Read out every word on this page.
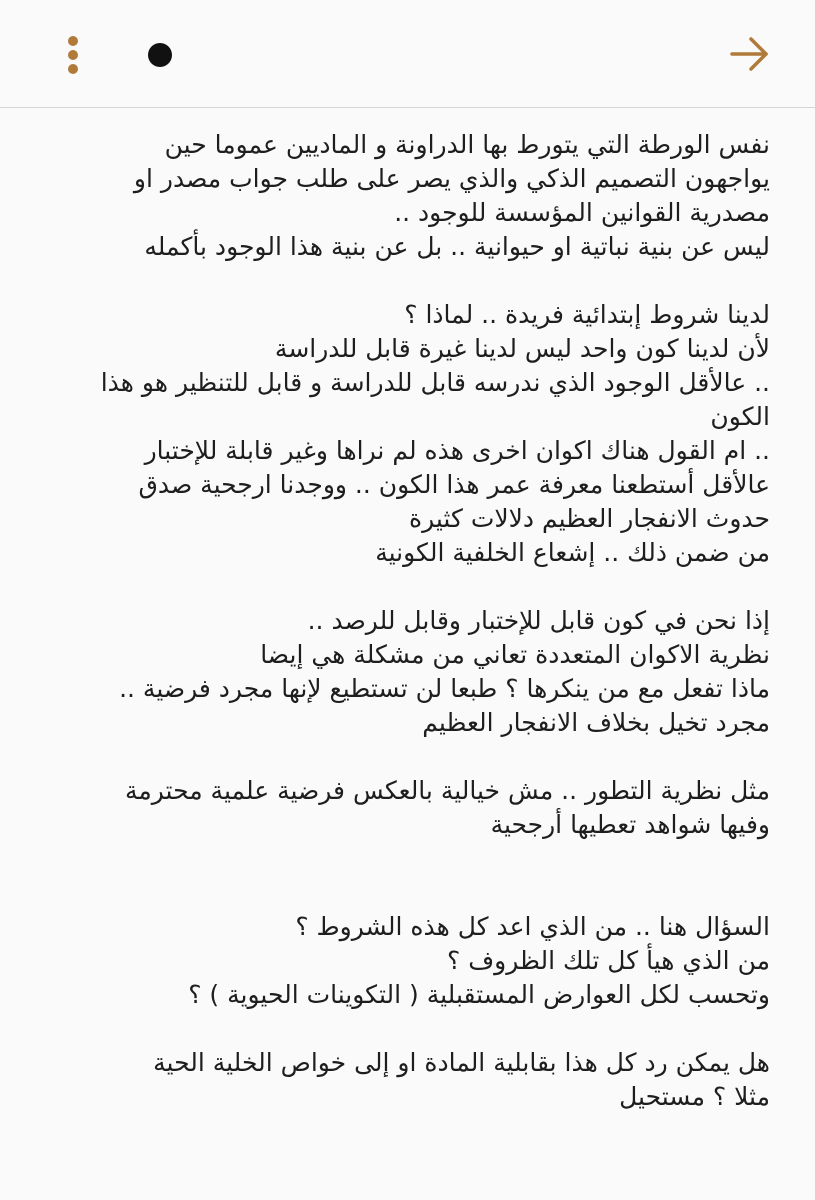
نفس الورطة التي يتورط بها الدراونة و الماديين عموما حين
يواجهون التصميم الذكي والذي يصر على طلب جواب مصدر او
مصدرية القوانين المؤسسة للوجود ..
ليس عن بنية نباتية او حيوانية .. بل عن بنية هذا الوجود بأكمله
لدينا شروط إبتدائية فريدة .. لماذا ؟
لأن لدينا كون واحد ليس لدينا غيرة قابل للدراسة
.. عالأقل الوجود الذي ندرسه قابل للدراسة و قابل للتنظير هو هذا
الكون
.. ام القول هناك اكوان اخرى هذه لم نراها وغير قابلة للإختبار
عالأقل أستطعنا معرفة عمر هذا الكون .. ووجدنا ارجحية صدق
حدوث الانفجار العظيم دلالات كثيرة
من ضمن ذلك .. إشعاع الخلفية الكونية
إذا نحن في كون قابل للإختبار وقابل للرصد ..
نظرية الاكوان المتعددة تعاني من مشكلة هي إيضا
ماذا تفعل مع من ينكرها ؟ طبعا لن تستطيع لإنها مجرد فرضية ..
مجرد تخيل بخلاف الانفجار العظيم
مثل نظرية التطور .. مش خيالية بالعكس فرضية علمية محترمة
وفيها شواهد تعطيها أرجحية
السؤال هنا .. من الذي اعد كل هذه الشروط ؟
من الذي هيأ كل تلك الظروف ؟
وتحسب لكل العوارض المستقبلية ( التكوينات الحيوية ) ؟
هل يمكن رد كل هذا بقابلية المادة او إلى خواص الخلية الحية
مثلا ؟ مستحيل
